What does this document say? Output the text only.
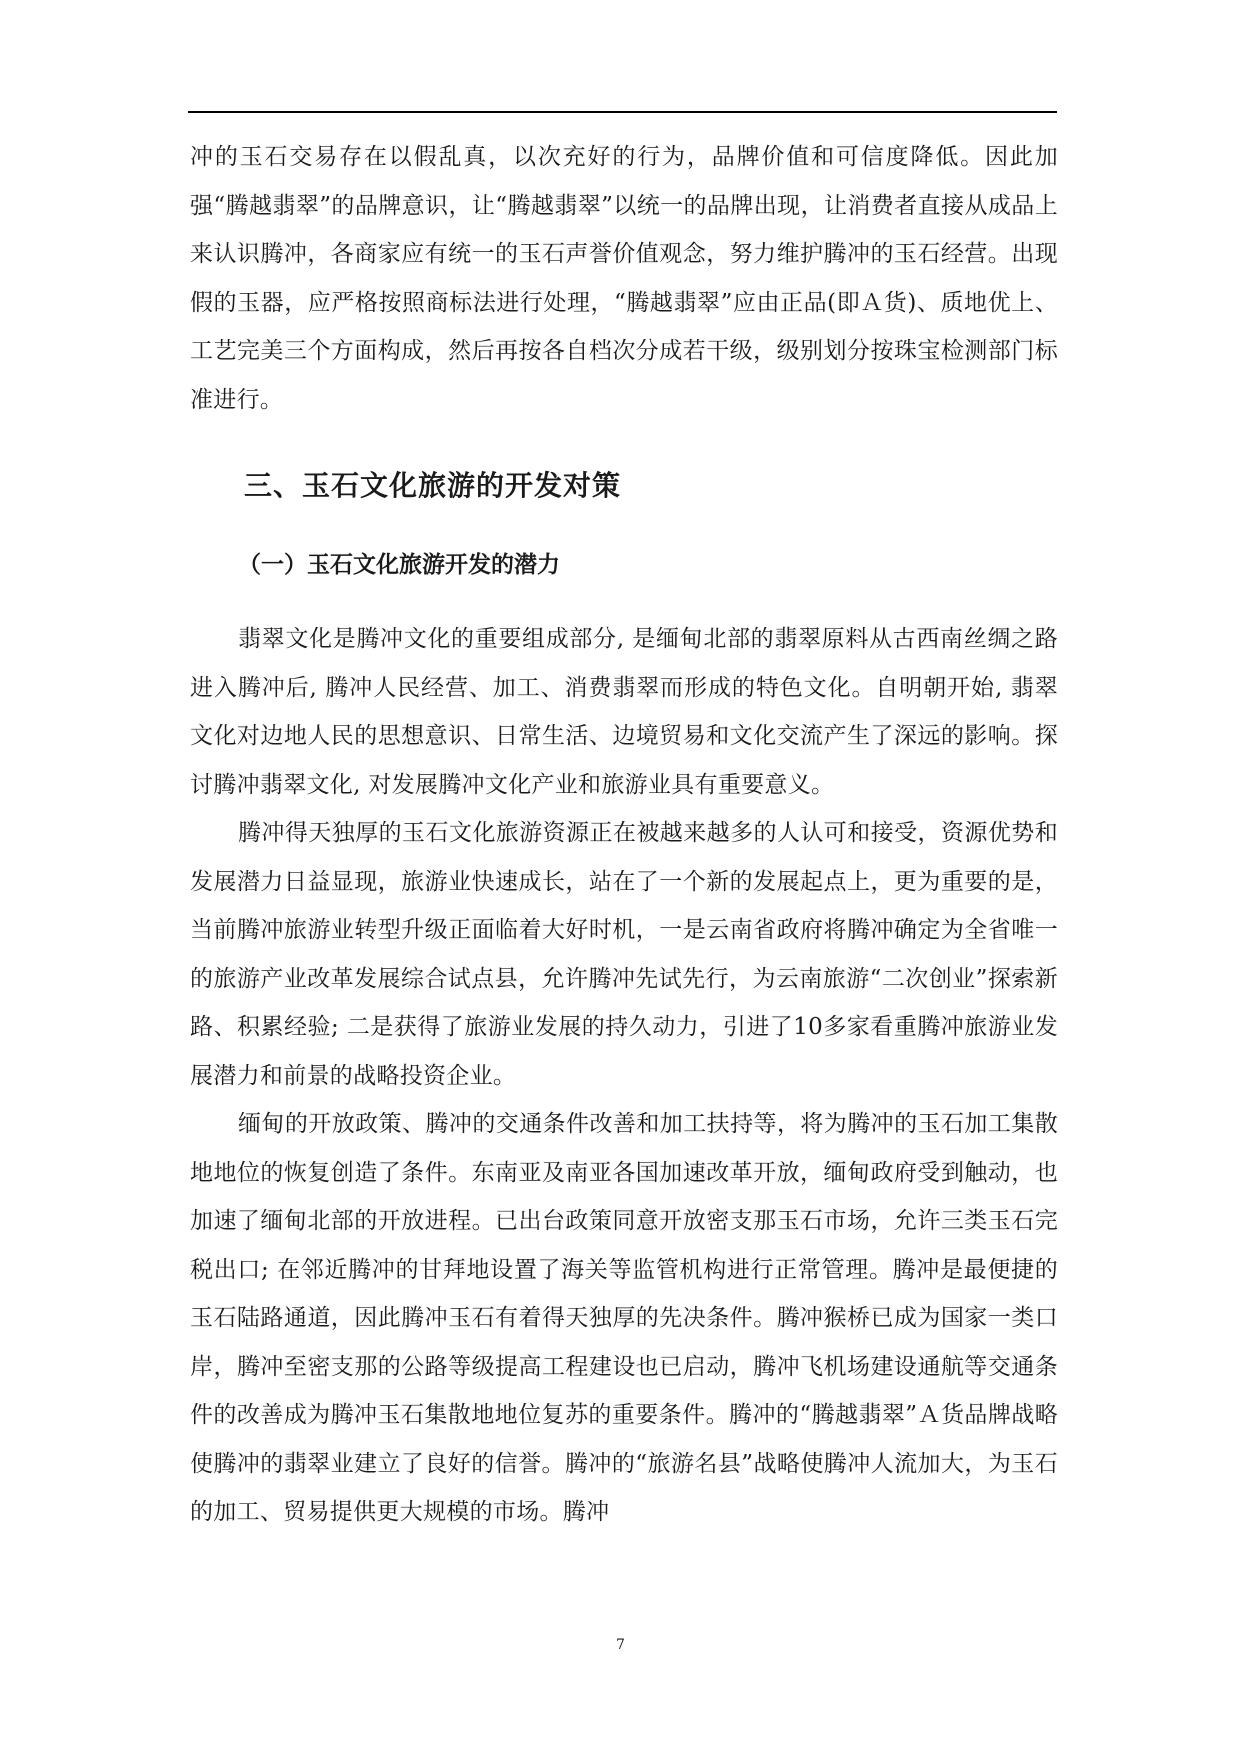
冲的玉石交易存在以假乱真，以次充好的行为，品牌价值和可信度降低。因此加强“腾越翡翠”的品牌意识，让“腾越翡翠”以统一的品牌出现，让消费者直接从成品上来认识腾冲，各商家应有统一的玉石声誉价值观念，努力维护腾冲的玉石经营。出现假的玉器，应严格按照商标法进行处理，“腾越翡翠”应由正品(即Ａ货)、质地优上、工艺完美三个方面构成，然后再按各自档次分成若干级，级别划分按珠宝检测部门标准进行。

三、玉石文化旅游的开发对策
（一）玉石文化旅游开发的潜力

翡翠文化是腾冲文化的重要组成部分, 是缅甸北部的翡翠原料从古西南丝绸之路进入腾冲后, 腾冲人民经营、加工、消费翡翠而形成的特色文化。自明朝开始, 翡翠文化对边地人民的思想意识、日常生活、边境贸易和文化交流产生了深远的影响。探讨腾冲翡翠文化, 对发展腾冲文化产业和旅游业具有重要意义。

腾冲得天独厚的玉石文化旅游资源正在被越来越多的人认可和接受，资源优势和发展潜力日益显现，旅游业快速成长，站在了一个新的发展起点上，更为重要的是，当前腾冲旅游业转型升级正面临着大好时机，一是云南省政府将腾冲确定为全省唯一的旅游产业改革发展综合试点县，允许腾冲先试先行，为云南旅游“二次创业”探索新路、积累经验; 二是获得了旅游业发展的持久动力，引进了10多家看重腾冲旅游业发展潜力和前景的战略投资企业。

缅甸的开放政策、腾冲的交通条件改善和加工扶持等，将为腾冲的玉石加工集散地地位的恢复创造了条件。东南亚及南亚各国加速改革开放，缅甸政府受到触动，也加速了缅甸北部的开放进程。已出台政策同意开放密支那玉石市场，允许三类玉石完税出口; 在邻近腾冲的甘拜地设置了海关等监管机构进行正常管理。腾冲是最便捷的玉石陆路通道，因此腾冲玉石有着得天独厚的先决条件。腾冲猴桥已成为国家一类口岸，腾冲至密支那的公路等级提高工程建设也已启动，腾冲飞机场建设通航等交通条件的改善成为腾冲玉石集散地地位复苏的重要条件。腾冲的“腾越翡翠”Ａ货品牌战略使腾冲的翡翠业建立了良好的信誉。腾冲的“旅游名县”战略使腾冲人流加大，为玉石的加工、贸易提供更大规模的市场。腾冲

7
